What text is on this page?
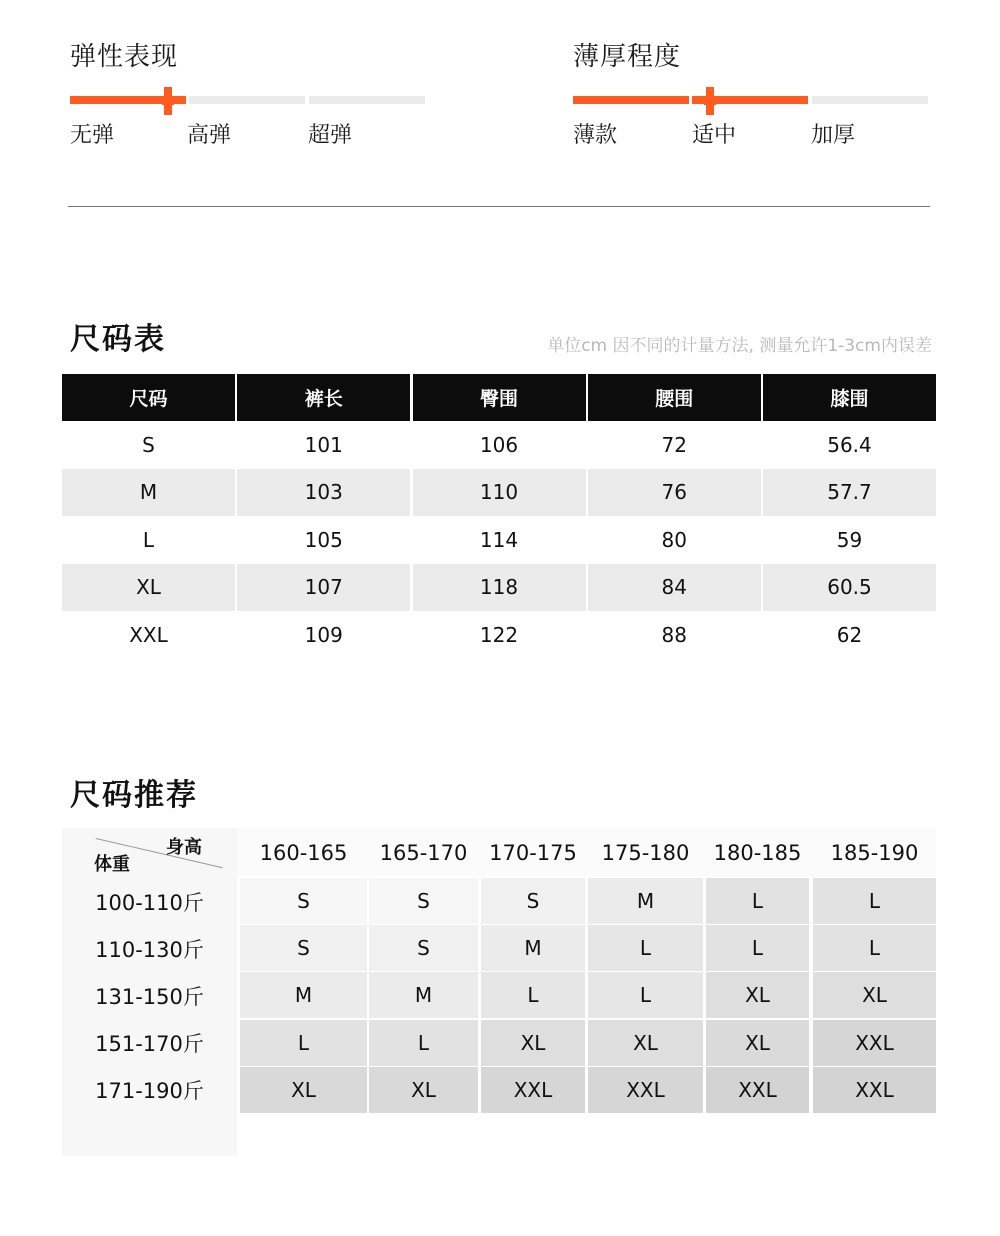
弹性表现
无弹	高弹	超弹
薄厚程度
薄款	适中	加厚
尺码表	单位cm 因不同的计量方法, 测量允许1-3cm内误差
尺码	裤长	臀围	腰围	膝围
S	101	106	72	56.4
M	103	110	76	57.7
L	105	114	80	59
XL	107	118	84	60.5
XXL	109	122	88	62
尺码推荐
身高
体重	160-165	165-170	170-175	175-180	180-185	185-190
100-110斤	S	S	S	M	L	L
110-130斤	S	S	M	L	L	L
131-150斤	M	M	L	L	XL	XL
151-170斤	L	L	XL	XL	XL	XXL
171-190斤	XL	XL	XXL	XXL	XXL	XXL
